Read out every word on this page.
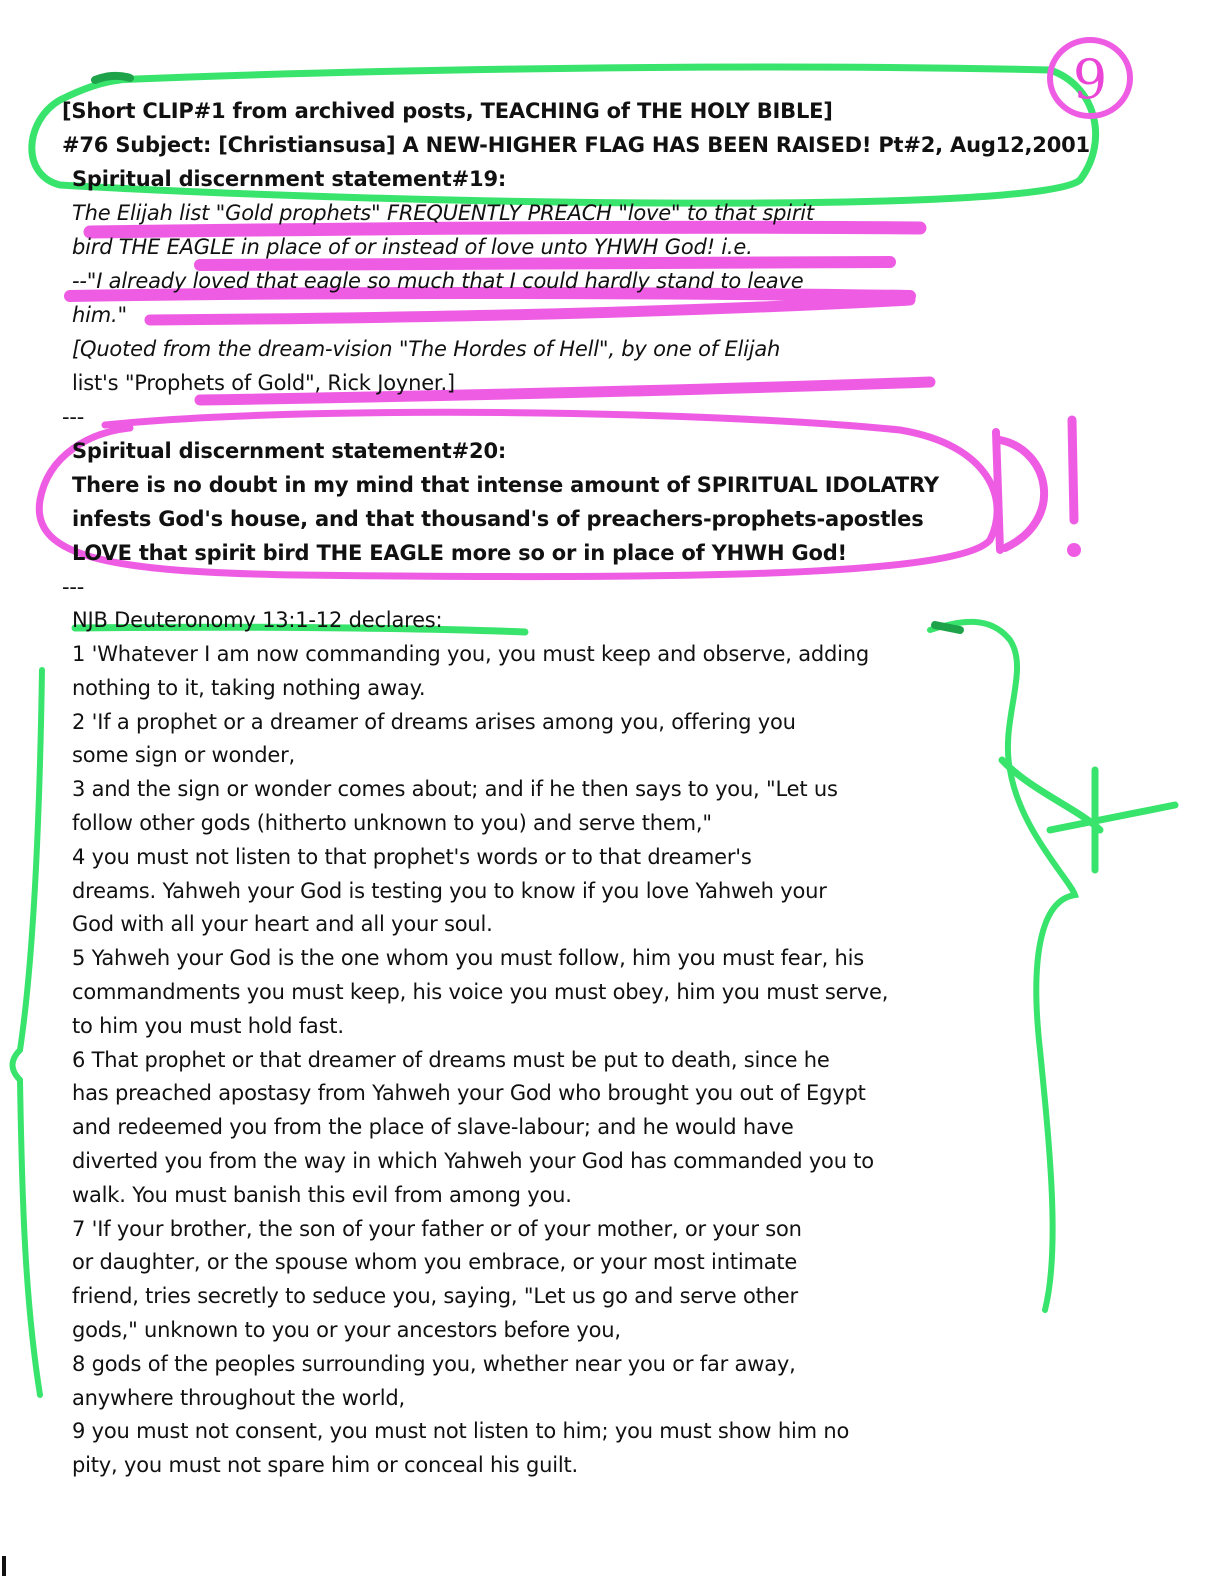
9
[Short CLIP#1 from archived posts, TEACHING of THE HOLY BIBLE]
#76 Subject: [Christiansusa] A NEW-HIGHER FLAG HAS BEEN RAISED! Pt#2, Aug12,2001
Spiritual discernment statement#19:
The Elijah list "Gold prophets" FREQUENTLY PREACH "love" to that spirit
bird THE EAGLE in place of or instead of love unto YHWH God! i.e.
--"I already loved that eagle so much that I could hardly stand to leave
him."
[Quoted from the dream-vision "The Hordes of Hell", by one of Elijah
list's "Prophets of Gold", Rick Joyner.]
---
Spiritual discernment statement#20:
There is no doubt in my mind that intense amount of SPIRITUAL IDOLATRY
infests God's house, and that thousand's of preachers-prophets-apostles
LOVE that spirit bird THE EAGLE more so or in place of YHWH God!
---
NJB Deuteronomy 13:1-12 declares:
1 'Whatever I am now commanding you, you must keep and observe, adding
nothing to it, taking nothing away.
2 'If a prophet or a dreamer of dreams arises among you, offering you
some sign or wonder,
3 and the sign or wonder comes about; and if he then says to you, "Let us
follow other gods (hitherto unknown to you) and serve them,"
4 you must not listen to that prophet's words or to that dreamer's
dreams. Yahweh your God is testing you to know if you love Yahweh your
God with all your heart and all your soul.
5 Yahweh your God is the one whom you must follow, him you must fear, his
commandments you must keep, his voice you must obey, him you must serve,
to him you must hold fast.
6 That prophet or that dreamer of dreams must be put to death, since he
has preached apostasy from Yahweh your God who brought you out of Egypt
and redeemed you from the place of slave-labour; and he would have
diverted you from the way in which Yahweh your God has commanded you to
walk. You must banish this evil from among you.
7 'If your brother, the son of your father or of your mother, or your son
or daughter, or the spouse whom you embrace, or your most intimate
friend, tries secretly to seduce you, saying, "Let us go and serve other
gods," unknown to you or your ancestors before you,
8 gods of the peoples surrounding you, whether near you or far away,
anywhere throughout the world,
9 you must not consent, you must not listen to him; you must show him no
pity, you must not spare him or conceal his guilt.
